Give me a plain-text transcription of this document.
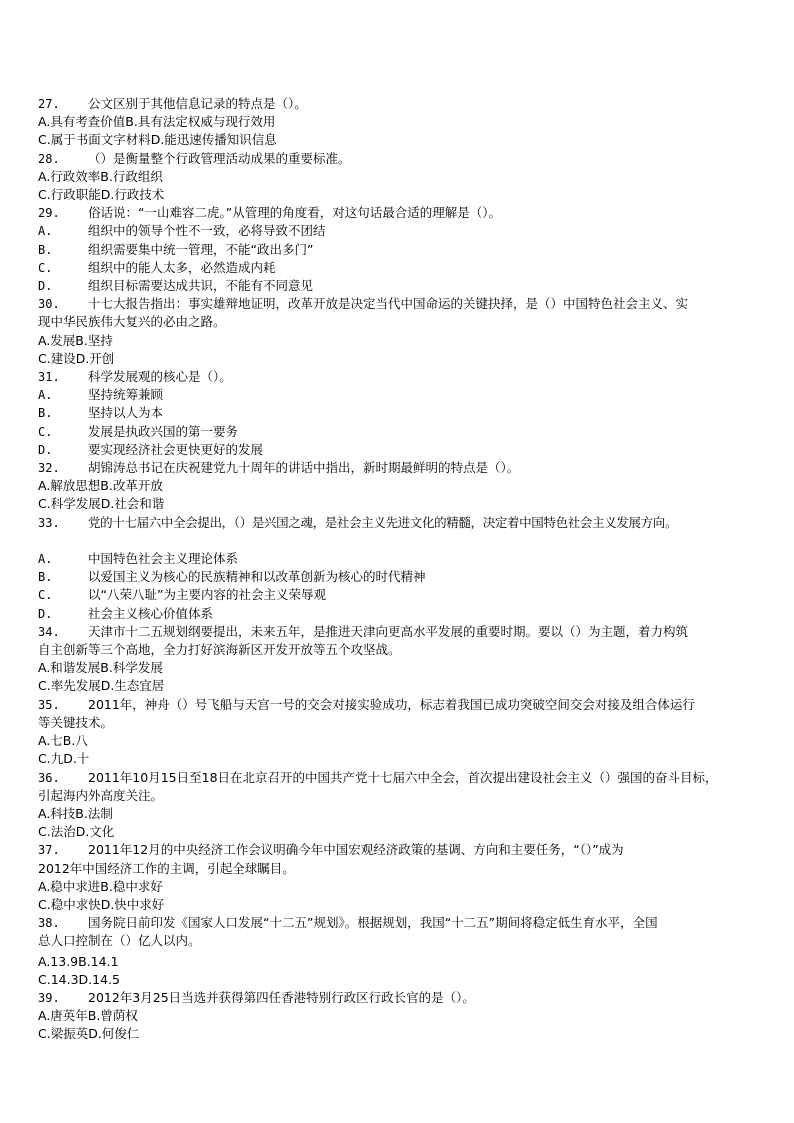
27.	公文区别于其他信息记录的特点是（）。
A.具有考查价值B.具有法定权威与现行效用
C.属于书面文字材料D.能迅速传播知识信息
28.	（）是衡量整个行政管理活动成果的重要标准。
A.行政效率B.行政组织
C.行政职能D.行政技术
29.	俗话说：“一山难容二虎。”从管理的角度看，对这句话最合适的理解是（）。
A.	组织中的领导个性不一致，必将导致不团结
B.	组织需要集中统一管理，不能“政出多门”
C.	组织中的能人太多，必然造成内耗
D.	组织目标需要达成共识，不能有不同意见
30.	十七大报告指出：事实雄辩地证明，改革开放是决定当代中国命运的关键抉择，是（）中国特色社会主义、实
现中华民族伟大复兴的必由之路。
A.发展B.坚持
C.建设D.开创
31.	科学发展观的核心是（）。
A.	坚持统筹兼顾
B.	坚持以人为本
C.	发展是执政兴国的第一要务
D.	要实现经济社会更快更好的发展
32.	胡锦涛总书记在庆祝建党九十周年的讲话中指出，新时期最鲜明的特点是（）。
A.解放思想B.改革开放
C.科学发展D.社会和谐
33.	党的十七届六中全会提出，（）是兴国之魂，是社会主义先进文化的精髓，决定着中国特色社会主义发展方向。
A.	中国特色社会主义理论体系
B.	以爱国主义为核心的民族精神和以改革创新为核心的时代精神
C.	以“八荣八耻”为主要内容的社会主义荣辱观
D.	社会主义核心价值体系
34.	天津市十二五规划纲要提出，未来五年，是推进天津向更高水平发展的重要时期。要以（）为主题，着力构筑
自主创新等三个高地，全力打好滨海新区开发开放等五个攻坚战。
A.和谐发展B.科学发展
C.率先发展D.生态宜居
35.	2011年，神舟（）号飞船与天宫一号的交会对接实验成功，标志着我国已成功突破空间交会对接及组合体运行
等关键技术。
A.七B.八
C.九D.十
36.	2011年10月15日至18日在北京召开的中国共产党十七届六中全会，首次提出建设社会主义（）强国的奋斗目标，
引起海内外高度关注。
A.科技B.法制
C.法治D.文化
37.	2011年12月的中央经济工作会议明确今年中国宏观经济政策的基调、方向和主要任务，“（）”成为
2012年中国经济工作的主调，引起全球瞩目。
A.稳中求进B.稳中求好
C.稳中求快D.快中求好
38.	国务院日前印发《国家人口发展“十二五”规划》。根据规划，我国“十二五”期间将稳定低生育水平，全国
总人口控制在（）亿人以内。
A.13.9B.14.1
C.14.3D.14.5
39.	2012年3月25日当选并获得第四任香港特别行政区行政长官的是（）。
A.唐英年B.曾荫权
C.梁振英D.何俊仁
